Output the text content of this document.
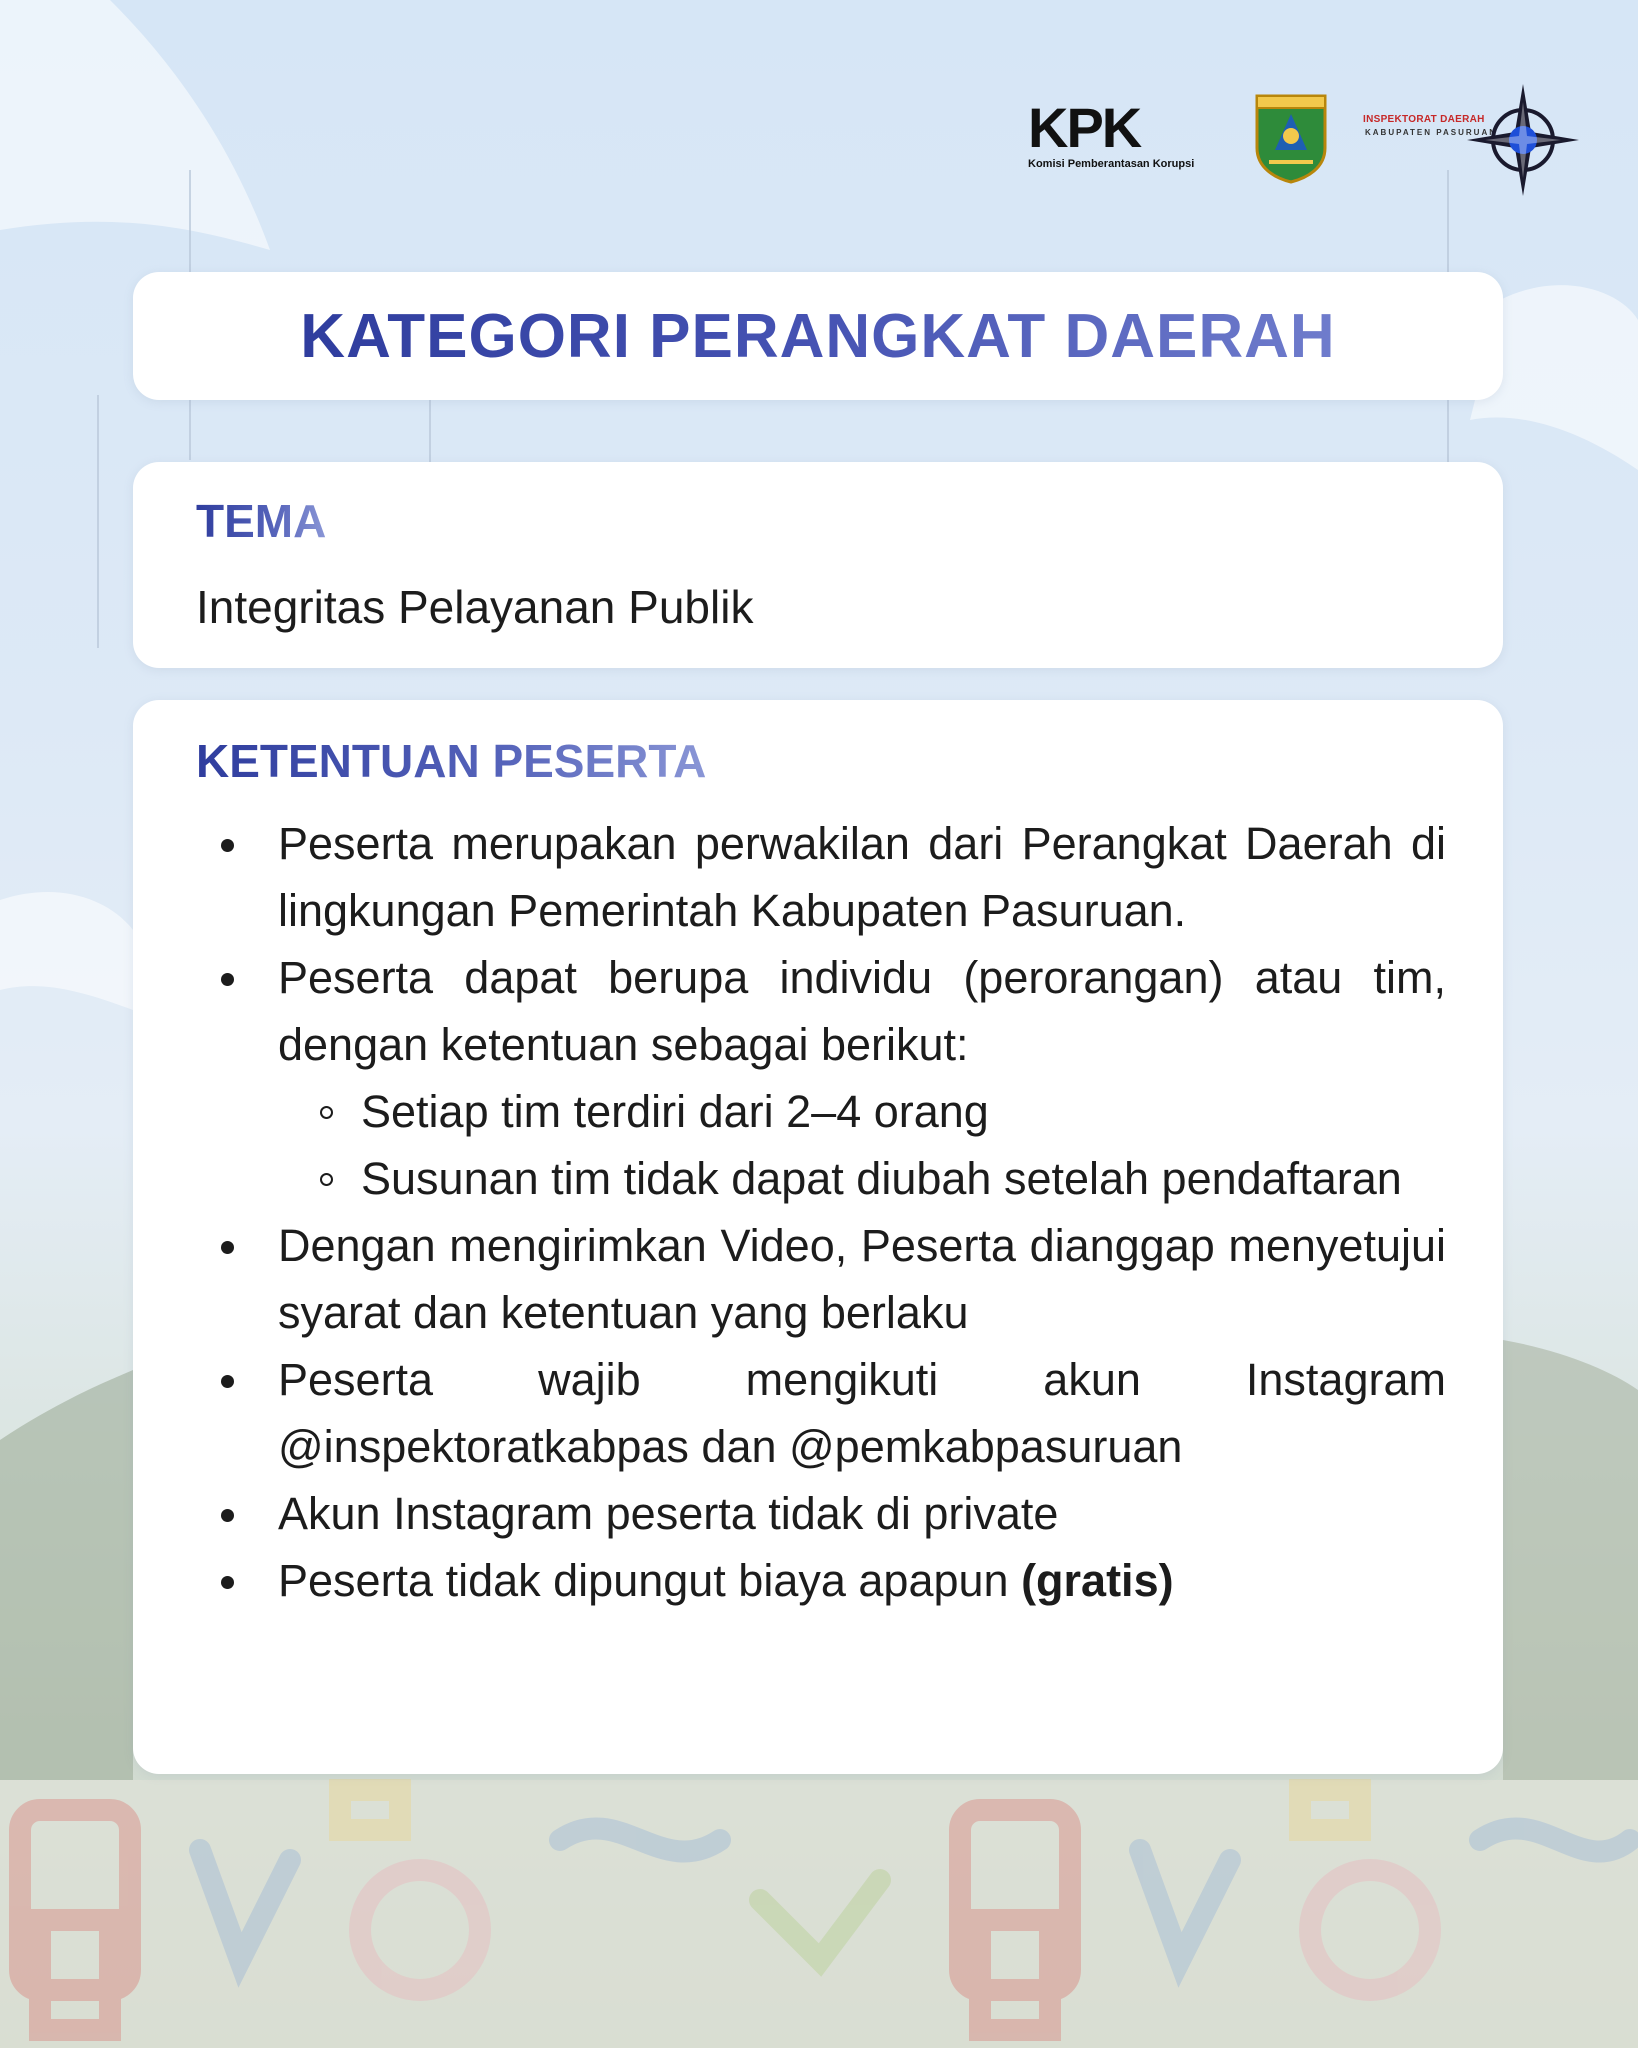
KPK
Komisi Pemberantasan Korupsi
INSPEKTORAT DAERAH
KABUPATEN PASURUAN
KATEGORI PERANGKAT DAERAH
TEMA
Integritas Pelayanan Publik
KETENTUAN PESERTA
Peserta merupakan perwakilan dari Perangkat Daerah di lingkungan Pemerintah Kabupaten Pasuruan.
Peserta dapat berupa individu (perorangan) atau tim, dengan ketentuan sebagai berikut:
Setiap tim terdiri dari 2–4 orang
Susunan tim tidak dapat diubah setelah pendaftaran
Dengan mengirimkan Video, Peserta dianggap menyetujui syarat dan ketentuan yang berlaku
Peserta wajib mengikuti akun Instagram @inspektoratkabpas dan @pemkabpasuruan
Akun Instagram peserta tidak di private
Peserta tidak dipungut biaya apapun (gratis)
